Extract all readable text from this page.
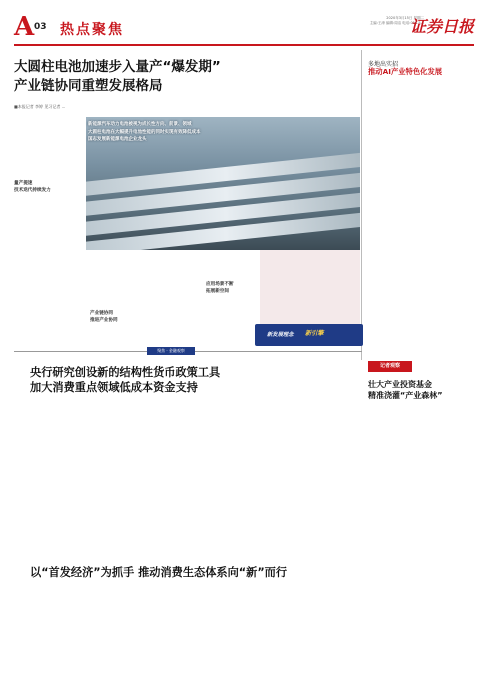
A 03 热点聚焦
2020年3月15日 星期二
主编:王涛 编辑:周洁 电话:010-5...
证券日报
大圆柱电池加速步入量产“爆发期”
产业链协同重塑发展格局
■本报记者 李婷 见习记者 ...
量产提速
技术迭代持续发力
新能源汽车动力电池被视为成长性方向、前景、领域
大圆柱电池在大幅提升电池性能的同时实现有效降低成本
国志发展新能源电池企业龙头
产业链协同
推进产业协同
应用场景不断
拓展新空间
新发展理念 新引擎
多地出实招
推动AI产业特色化发展
记者观察
壮大产业投资基金
精准浇灌“产业森林”
聚焦 · 金融观察
央行研究创设新的结构性货币政策工具
加大消费重点领域低成本资金支持
以“首发经济”为抓手 推动消费生态体系向“新”而行
